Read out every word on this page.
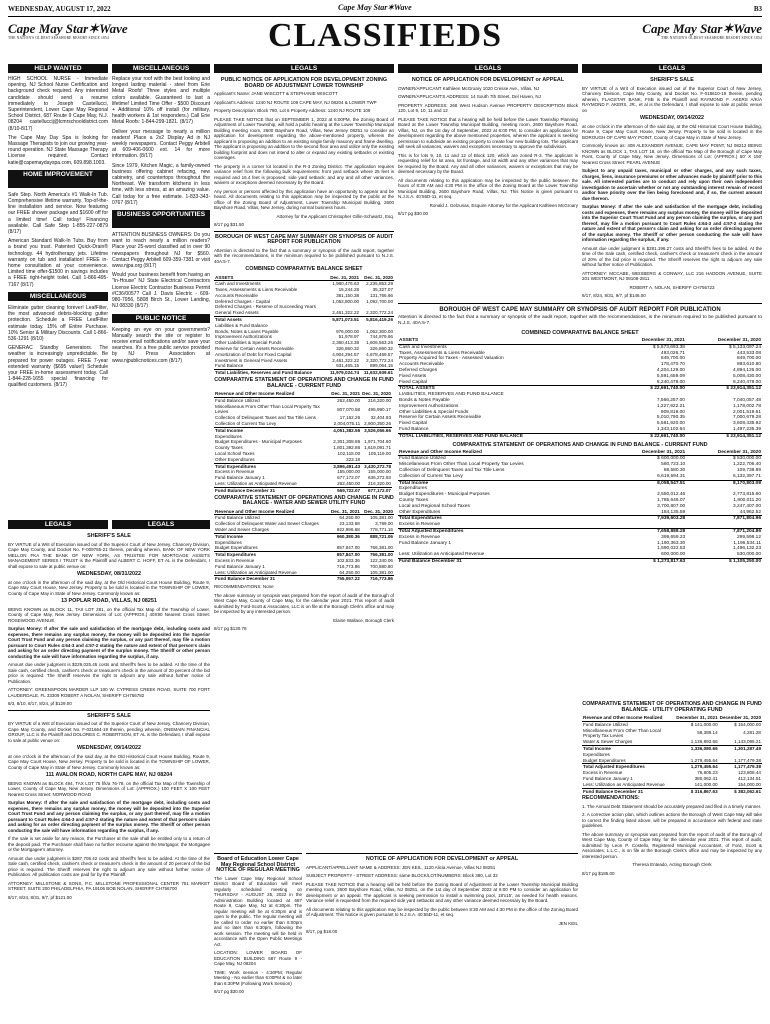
WEDNESDAY, AUGUST 17, 2022	Cape May Star✶Wave	B3
Cape May Star✶Wave
THE NATION'S OLDEST SEASHORE RESORT SINCE 1854	CLASSIFIEDS	Cape May Star✶Wave
THE NATION'S OLDEST SEASHORE RESORT SINCE 1854
HELP WANTED	MISCELLANEOUS	LEGALS	LEGALS	LEGALS

HIGH SCHOOL NURSE - Immediate opening. NJ School Nurse Certification and background check required. Any interested candidate should send a resume immediately to Joseph Castellucci, Superintendent, Lower Cape May Regional School District, 687 Route 9 Cape May, N.J. 08204 castelluccij@lcmrschooldistrict.com (8/10-8/17)

The Cape May Day Spa is looking for Massage Therapists to join our growing year-round operation. NJ State Massage Therapy License required. Contact katie@capemaydayspa.com, 609.898.1003.

HOME IMPROVEMENT

Safe Step. North America's #1 Walk-In Tub. Comprehensive lifetime warranty. Top-of-the-line installation and service. Now featuring our FREE shower package and $1600 off for a limited time! Call today! Financing available. Call Safe Step 1-855-227-0879 (8/17)

American Standard Walk-In Tubs. Buy from a brand you trust. Patented Quick-Drain® technology. 44 hydrotherapy jets. Lifetime warranty on tub and installation! FREE in-home consultation at your convenience. Limited time offer-$1500 in savings includes a FREE right-height toilet. Call 1-866-495-7167 (8/17)

MISCELLANEOUS

Eliminate gutter cleaning forever! LeafFilter, the most advanced debris-blocking gutter protection. Schedule a FREE LeafFilter estimate today. 15% off Entire Purchase. 10% Senior & Military Discounts. Call 1-866-536-1291 (8/10)

GENERAC Standby Generators. The weather is increasingly unpredictable. Be prepared for power outages. FREE 7-year extended warranty ($695 value!) Schedule your FREE in-home assessment today. Call 1-844-228-1655 special financing for qualified customers. (8/17)

Replace your roof with the best looking and longest lasting material - steel from Erie Metal Roofs! Three styles and multiple colors available. Guaranteed to last a lifetime! Limited Time Offer - $500 Discount + Additional 10% off install (for military, health workers & 1st responders.) Call Erie Metal Roofs: 1-844-299-1821. (8/17)

Deliver your message to nearly a million readers! Place a 2x2 Display Ad in NJ weekly newspapers. Contact Peggy Arbitell at 609-406-0600 ext. 14 for more information. (8/17)

Since 1979, Kitchen Magic, a family-owned business offering cabinet refacing, new cabinetry, and countertops throughout the Northeast. We transform kitchens in less time, with less stress, at an amazing value. Call today for a free estimate. 1-833-343-0767 (8/17)

BUSINESS OPPORTUNITIES

ATTENTION BUSINESS OWNERS: Do you want to reach nearly a million readers? Place your 25-word classified ad in over 90 newspapers throughout NJ for $560. Contact Peggy Arbitell 609-359-7381 or visit www.njpa.org (8/17)

Would your business benefit from having an "In-House" NJ State Electrical Contractors License Electric Contractor Business Permit #C36/0057? Call J. Davis Electric - 609-980-7956, 5808 Birch St., Lower Landing, NJ 08330 (8/17)

PUBLIC NOTICE

Keeping an eye on your governments? Manually search the site or register to receive email notifications and/or save your searches. It's a free public service provided by NJ Press Association at www.njpublicnotices.com (8/17)

LEGALS	LEGALS
SHERIFF'S SALE

BY VIRTUE of a Writ of Execution issued out of the Superior Court of New Jersey, Chancery Division, Cape May County, and Docket No. F-009755-21 therein, pending wherein, BANK OF NEW YORK MELLON FKA THE BANK OF NEW YORK, AS TRUSTEE FOR MORTGAGE ASSETS MANAGEMENT SERIES I TRUST is the Plaintiff and ALBERT C. HOFF, ET AL is the Defendant, I shall expose to sale at public venue on:

WEDNESDAY, 08/31/2022

at one o'clock in the afternoon of the said day, at the Old Historical Court House Building, Route 9, Cape May Court House, New Jersey. Property to be sold is located in the TOWNSHIP OF LOWER, County of Cape May in State of New Jersey. Commonly known as:

13 POPLAR ROAD, VILLAS, NJ 08251

BEING KNOWN as BLOCK 11, TAX LOT 281, on the official Tax Map of the Township of Lower, County of Cape May, New Jersey. Dimensions of Lot: (APPROX.) 40X90 Nearest Cross Street: ROSEWOOD AVENUE

Surplus Money: If after the sale and satisfaction of the mortgage debt, including costs and expenses, there remains any surplus money, the money will be deposited into the Superior Court Trust Fund and any person claiming the surplus, or any part thereof, may file a motion pursuant to Court Rules 4:64-3 and 4:57-2 stating the nature and extent of that person's claim and asking for an order directing payment of the surplus money. The Sheriff or other person conducting the sale will have information regarding the surplus, if any.

Amount due under judgment is $229,025.45 costs and Sheriff's fees to be added. At the time of the Sale cash, certified check, cashier's check or treasurer's check in the amount of 20 percent of the bid price is required. The Sheriff reserves the right to adjourn any sale without further notice of Publication.

ATTORNEY: GREENSPOON MARDER LLP 100 W. CYPRESS CREEK ROAD, SUITE 700 FORT LAUDERDALE, FL 33309 ROBERT A NOLAN, SHERIFF CH756782

8/3, 8/10, 8/17, 8/24, pf $129.00

SHERIFF'S SALE

BY VIRTUE of a Writ of Execution issued out of the Superior Court of New Jersey, Chancery Division, Cape May County, and Docket No. F-021664-19 therein, pending wherein, ONEMAIN FINANCIAL GROUP, LLC is the Plaintiff and DOLORES C. ROBERTSON, ET AL is the Defendant, I shall expose to sale at public venue on:

WEDNESDAY, 09/14/2022

at one o'clock in the afternoon of the said day, at the Old Historical Court House Building, Route 9, Cape May Court House, New Jersey. Property to be sold is located in the TOWNSHIP OF LOWER, County of Cape May in State of New Jersey. Commonly known as:

111 AVALON ROAD, NORTH CAPE MAY, NJ 08204

BEING KNOWN as BLOCK 494, TAX LOT 75 f/k/a 76-78, on the official Tax Map of the Township of Lower, County of Cape May, New Jersey. Dimensions of Lot: (APPROX.) 100 FEET X 100 FEET Nearest Cross Street: NORWOOD ROAD

Surplus Money: If after the sale and satisfaction of the mortgage debt, including costs and expenses, there remains any surplus money, the money will be deposited into the Superior Court Trust Fund and any person claiming the surplus, or any part thereof, may file a motion pursuant to Court Rules 4:64-3 and 4:57-2 stating the nature and extent of that person's claim and asking for an order directing payment of the surplus money. The Sheriff or other person conducting the sale will have information regarding the surplus, if any.

If the sale is set aside for any reason, the Purchaser at the sale shall be entitled only to a return of the deposit paid. The Purchaser shall have no further recourse against the Mortgagor, the Mortgagee or the Mortgagee's attorney.

Amount due under judgment is $287,705.42 costs and Sheriff's fees to be added. At the time of the Sale cash, certified check, cashier's check or treasurer's check in the amount of 20 percent of the bid price is required. The Sheriff reserves the right to adjourn any sale without further notice of Publication. All publication costs are paid for by the Plaintiff.

ATTORNEY: MILLSTONE & SONS, P.C. MILLSTONE PROFESSIONAL CENTER 751 MARKET STREET, SUITE 200 PHILADELPHIA, PA 19106 BOB NOLAN, SHERIFF CH756700

8/17, 8/24, 8/31, 9/7, pf $121.00

PUBLIC NOTICE OF APPLICATION FOR DEVELOPMENT ZONING BOARD OF ADJUSTMENT LOWER TOWNSHIP

Applicant's Name: JANE WISCOTT & STEPHANIE WISCOTT

Applicant's Address: 1240 NJ ROUTE 109 CAPE MAY, NJ 08204 & LOWER TWP

Property Description: Block 780, Lot 6 Property Address: 1240 NJ ROUTE 109

PLEASE TAKE NOTICE that on SEPTEMBER 1, 2022 at 6:00PM, the Zoning Board of Adjustment of Lower Township, will hold a public hearing at the Lower Township Municipal Building meeting room, 2600 Bayshore Road, Villas, New Jersey 08251 to consider an application for development regarding the above-mentioned property, wherein the applicant is proposing an addition to an existing single family masonry and frame dwelling. The applicant is proposing an addition to the second floor area and utilize only the existing building footprint and does not intend to alter or expand any existing setbacks or existing coverages.

The property is a corner lot located in the R-3 Zoning District. The application requires variance relief from the following bulk requirements: front yard setback where 25 feet is required and 16.4 feet is proposed; side yard setback; and any and all other variances, waivers or exceptions deemed necessary by the Board.

Any person or persons affected by this application have an opportunity to appear and be heard. All documents relating to this application may be inspected by the public at the office of the Zoning Board of Adjustment, Lower Township Municipal Building, 2600 Bayshore Road, Villas, New Jersey, during normal business hours.

Attorney for the Applicant Christopher Gillin-Schwartz, Esq.

8/17 pg $31.50

BOROUGH OF WEST CAPE MAY SUMMARY OR SYNOPSIS OF AUDIT REPORT FOR PUBLICATION

Attention is directed to the fact that a summary or synopsis of the audit report, together with the recommendations, is the minimum required to be published pursuant to N.J.S. 40A:5-7.

COMBINED COMPARATIVE BALANCE SHEET
ASSETS	Dec. 31, 2021	Dec. 31, 2020
Cash and Investments	1,960,476.63	2,235,853.29
Taxes, Assessments & Liens Receivable	15,244.28	35,327.07
Accounts Receivable	381,150.38	131,766.66
Deferred Charges - Capital	1,052,800.00	1,092,700.00
Deferred Charges - Reserve of Succeeding Years		
General Fixed Assets	2,461,322.22	2,320,772.24
Total Assets	5,871,073.51	5,816,419.26
Liabilities & Fund Balance		
Bonds, Notes & Loans Payable	976,000.00	1,062,300.00
Improvement Authorizations	51,978.97	744,979.66
Other Liabilities & Special Funds	2,360,413.38	1,606,563.26
Reserve for Certain Assets Receivable	326,860.32	326,860.32
Amortization of Debt for Fixed Capital	4,904,294.57	4,678,469.57
Investment in General Fixed Assets	2,461,322.22	2,320,772.24
Fund Balance	931,465.15	899,064.15
Total Liabilities, Reserves and Fund Balance	11,979,024.74	11,632,939.61
COMPARATIVE STATEMENT OF OPERATIONS AND CHANGE IN FUND BALANCE - CURRENT FUND
Revenue and Other Income Realized	Dec. 31, 2021	Dec. 31, 2020	
Fund Balance Utilized	262,450.00	216,320.00	
Miscellaneous From Other Than Local Property Tax Levies	807,070.58	495,990.17	
Collection of Delinquent Taxes and Tax Title Liens	17,162.26	32,404.93	
Collection of Current Tax Levy	2,004,075.11	2,900,350.26	
Total Income	4,051,382.56	3,526,056.66	
Expenditures			
Budget Expenditures - Municipal Purposes	2,301,308.86	1,971,704.60	
County Taxes	1,801,392.86	1,619,091.71	
Local School Taxes	102,118.00	105,119.00	
Other Expenditures	223.18		
Total Expenditures	3,896,491.43	3,430,272.78	
Excess in Revenue	155,000.00	155,000.00	
Fund Balance January 1	677,172.07	636,272.93	
Less: Utilization as Anticipated Revenue	262,450.00	216,320.00	
Fund Balance December 31	569,722.07	677,172.07	
COMPARATIVE STATEMENT OF OPERATIONS AND CHANGE IN FUND BALANCE - WATER AND SEWER UTILITY FUND
Revenue and Other Income Realized	Dec. 31, 2021	Dec. 31, 2020
Fund Balance Utilized	64,250.00	105,381.00
Collection of Delinquent Water and Sewer Charges	23,133.68	3,789.00
Water and Sewer Charges	922,996.68	778,771.16
Total Income	960,380.36	888,721.06
Expenditures		
Budget Expenditures	857,847.00	766,381.00
Total Expenditures	857,847.00	766,381.00
Excess in Revenue	102,533.36	122,340.06
Fund Balance January 1	716,773.86	700,880.80
Less: Utilization as Anticipated Revenue	64,250.00	105,381.00
Fund Balance December 31	755,057.22	716,773.86

RECOMMENDATIONS: None

The above summary or synopsis was prepared from the report of audit of the Borough of West Cape May, County of Cape May, for the calendar year 2021. This report of audit submitted by Ford-Scott & Associates, LLC is on file at the Borough Clerk's office and may be inspected by any interested person.

Elaine Wallace, Borough Clerk

8/17 pg $130.78

Board of Education Lower Cape May Regional School District NOTICE OF REGULAR MEETING

The Lower Cape May Regional School District Board of Education will meet regularly scheduled meeting on THURSDAY - AUGUST 25, 2022 in the Administration Building located at 687 Route 9, Cape May, NJ at 6:30pm. The regular meeting will be at 6:30pm and is open to the public. The regular meeting will be called to order no earlier than 6:00pm and no later than 6:30pm, following the work session. The meeting will be held in accordance with the Open Public Meetings Act.

LOCATION: LOWER BOARD OF EDUCATION BUILDING 687 Route 9 - Cape May, NJ 08204

TIME: Work session - 4:30PM; Regular Meeting - No earlier than 6:00PM & no later than 6:30PM (Following Work Session)

8/17 pg $30.00

NOTICE OF APPLICATION FOR DEVELOPMENT or APPEAL

OWNER/APPLICANT Kathleen McGroary 1020 Cresse Ave., Villas, NJ

OWNER/APPLICANT'S ADDRESS: 14 South 7th Street, Del Haven, NJ

PROPERTY ADDRESS: 268 West Hudson Avenue PROPERTY DESCRIPTION Block 120, Lot 9, 10, 11 and 12

PLEASE TAKE NOTICE that a hearing will be held before the Lower Township Planning Board at the Lower Township Municipal Building, meeting room, 2600 Bayshore Road, Villas, NJ, on the 1st day of September, 2022 at 6:00 PM, to consider an application for development regarding the above mentioned properties, wherein the applicant is seeking permission to subdivide an existing property to create four new building lots. The applicant will seek all variances, waivers and exceptions necessary to approve the subdivision.

This is for lots 9, 10, 11 and 12 of Block 120, which are zoned R-3. The applicant is requesting relief for lot area, lot frontage, and lot width and any other variances that may be required by the Board. Any and all other variances, waivers or exceptions that may be deemed necessary by the Board.

All documents relating to this application may be inspected by the public between the hours of 8:30 AM and 4:30 PM in the office of the Zoning Board at the Lower Township Municipal Building, 2600 Bayshore Road, Villas, NJ. This Notice is given pursuant to N.J.S.A. 40:55D-11, et seq.

Ronald J. Gelzunas, Esquire Attorney for the Applicant Kathleen McGroary

8/17 pg $30.00

NOTICE OF APPLICATION FOR DEVELOPMENT or APPEAL

APPLICANT/APPELLANT NAME & ADDRESS: JEN KEIL, 1120 Alicia Avenue, Villas NJ 08251

SUBJECT PROPERTY - STREET ADDRESS: same BLOCK/LOT/NUMBERS: Block 380, Lot 32

PLEASE TAKE NOTICE that a hearing will be held before the Zoning Board of Adjustment at the Lower Township Municipal Building meeting room, 2600 Bayshore Road, Villas, NJ 08251, on the 1st day of September 2022 at 6:00 PM to consider an application for development or an appeal. The applicant is seeking permission to install a swimming pool, 18'x15', as needed for health reasons. Variance relief is requested from the required side yard setbacks and any other variance deemed necessary by the Board.

All documents relating to this application may be inspected by the public between 8:30 AM and 4:30 PM in the office of the Zoning Board of Adjustment. This Notice is given pursuant to N.J.S.A. 40:55D-11, et seq.

JEN KEIL

8/17, pg $18.00

SHERIFF'S SALE

BY VIRTUE of a Writ of Execution issued out of the Superior Court of New Jersey, Chancery Division, Cape May County, and Docket No. F-018610-19 therein, pending wherein, FLAGSTAR BANK, FSB is the Plaintiff and RAYMOND F. AKERS A/K/A RAYMOND F. AKERS, JR., et al is the Defendant, I shall expose to sale at public venue on

WEDNESDAY, 09/14/2022

at one o'clock in the afternoon of the said day, at the Old Historical Court House Building, Route 9, Cape May Court House, New Jersey. Property to be sold is located in the BOROUGH OF CAPE MAY POINT, County of Cape May in State of New Jersey.

Commonly known as: 408 ALEXANDER AVENUE, CAPE MAY POINT, NJ 08212 BEING KNOWN as BLOCK 1, TAX LOT 18, on the official Tax Map of the Borough of Cape May Point, County of Cape May, New Jersey. Dimensions of Lot: (APPROX.) 50' X 150' Nearest Cross Street: PEARL AVENUE

Subject to any unpaid taxes, municipal or other charges, and any such taxes, charges, liens, insurance premiums or other advances made by plaintiff prior to this sale. All interested parties are to conduct and rely upon their own independent investigation to ascertain whether or not any outstanding interest remain of record and/or have priority over the lien being foreclosed and, if so, the current amount due thereon.

Surplus Money: If after the sale and satisfaction of the mortgage debt, including costs and expenses, there remains any surplus money, the money will be deposited into the Superior Court Trust Fund and any person claiming the surplus, or any part thereof, may file a motion pursuant to Court Rules 4:64-3 and 4:57-2 stating the nature and extent of that person's claim and asking for an order directing payment of the surplus money. The Sheriff or other person conducting the sale will have information regarding the surplus, if any.

Amount due under judgment is $281,196.27 costs and Sheriff's fees to be added. At the time of the Sale cash, certified check, cashier's check or treasurer's check in the amount of 20% of the bid price is required. The Sheriff reserves the right to adjourn any sale without further notice of Publication.

ATTORNEY: MCCABE, WEISBERG & CONWAY, LLC 216 HADDON AVENUE, SUITE 201 WESTMONT, NJ 08108-2811

ROBERT A. NOLAN, SHERIFF CH756723

8/17, 8/24, 8/31, 9/7, pf $146.00

BOROUGH OF WEST CAPE MAY SUMMARY OR SYNOPSIS OF AUDIT REPORT FOR PUBLICATION

Attention is directed to the fact that a summary or synopsis of the audit report, together with the recommendations, is the minimum required to be published pursuant to N.J.S. 40A:5-7.

COMBINED COMPARATIVE BALANCE SHEET
ASSETS	December 31, 2021	December 31, 2020
Cash and Investments	$ 5,673,693.38	$ 5,133,097.24
Taxes, Assessments & Liens Receivable	493,026.71	443,533.08
Property Acquired for Taxes - Assessed Valuation	849,700.00	849,700.00
Accounts Receivable	178,470.70	893,610.80
Deferred Charges	4,204,129.00	4,894,126.00
Fixed Assets	5,591,659.09	5,008,430.00
Fixed Capital	8,240,478.00	8,240,478.00
TOTAL ASSETS	$ 22,661,740.00	$ 23,914,351.12
LIABILITIES, RESERVES AND FUND BALANCE		
Bonds & Notes Payable	7,566,257.00	7,040,057.48
Improvement Authorizations	1,227,922.21	1,178,002.78
Other Liabilities & Special Funds	909,819.00	2,001,519.61
Reserve for Certain Assets Receivable	5,010,790.35	7,000,679.28
Fixed Capital	5,581,920.00	3,608,435.92
Fund Balance	1,343,102.64	1,497,235.39
TOTAL LIABILITIES, RESERVES AND FUND BALANCE	$ 22,661,740.00	$ 23,914,351.12
COMPARATIVE STATEMENT OF OPERATIONS AND CHANGE IN FUND BALANCE - CURRENT FUND
Revenue and Other Income Realized	December 31, 2021	December 31, 2020
Fund Balance Utilized	$ 600,000.00	$ 530,000.00
Miscellaneous From Other Than Local Property Tax Levies	580,723.10	1,222,706.40
Collection of Delinquent Taxes and Tax Title Liens	88,580.30	109,738.89
Collection of Current Tax Levy	6,619,594.31	6,132,397.71
Total Income	8,058,547.51	8,170,803.08
Expenditures		
Budget Expenditures - Municipal Purposes	2,550,012.46	2,773,815.60
County Taxes	1,785,646.07	1,800,011.20
Local and Regional School Taxes	3,700,807.00	3,247,407.00
Other Expenditures	184,135.59	44,962.52
Total Expenditures	7,939,603.28	7,871,804.96
Excess in Revenue		
Total Adjusted Expenditures	7,658,888.28	7,871,204.86
Excess in Revenue	399,659.23	299,598.12
Fund Balance January 1	1,190,363.30	1,196,534.11
	1,590,022.53	1,496,132.23
Less: Utilization as Anticipated Revenue	600,000.00	530,000.00
Fund Balance December 31	$ 1,273,817.63	$ 1,105,250.00
COMPARATIVE STATEMENT OF OPERATIONS AND CHANGE IN FUND BALANCE - UTILITY OPERATING FUND
Revenue and Other Income Realized	December 31, 2021	December 31, 2020
Fund Balance Utilized	$ 141,000.00	$ 154,000.00
Miscellaneous From Other Than Local Property Tax Levies	58,389.14	4,281.28
Water & Sewer Charges	1,136,893.66	1,143,095.21
Total Income	1,336,080.66	1,301,287.49
Expenditures		
Budget Expenditures	1,279,455.64	1,177,479.38
Total Adjusted Expenditures	1,279,455.64	1,177,479.38
Excess in Revenue	76,805.23	123,808.44
Fund Balance January 1	380,062.41	412,134.51
Less: Utilization as Anticipated Revenue	141,000.00	154,000.00
Fund Balance December 31	$ 316,867.63	$ 382,062.61
RECOMMENDATIONS:

1. The Annual Debt Statement should be accurately prepared and filed in a timely manner.

2. A corrective action plan, which outlines actions the Borough of West Cape May will take to correct the finding listed above, will be prepared in accordance with federal and state guidelines.

The above summary or synopsis was prepared from the report of audit of the Borough of West Cape May, County of Cape May, for the calendar year 2021. This report of audit, submitted by Leon P. Costello, Registered Municipal Accountant, of Ford, Scott & Associates, L.L.C., is on file at the Borough Clerk's office and may be inspected by any interested person.

Theresa Enteado, Acting Borough Clerk

8/17 pg $185.00
